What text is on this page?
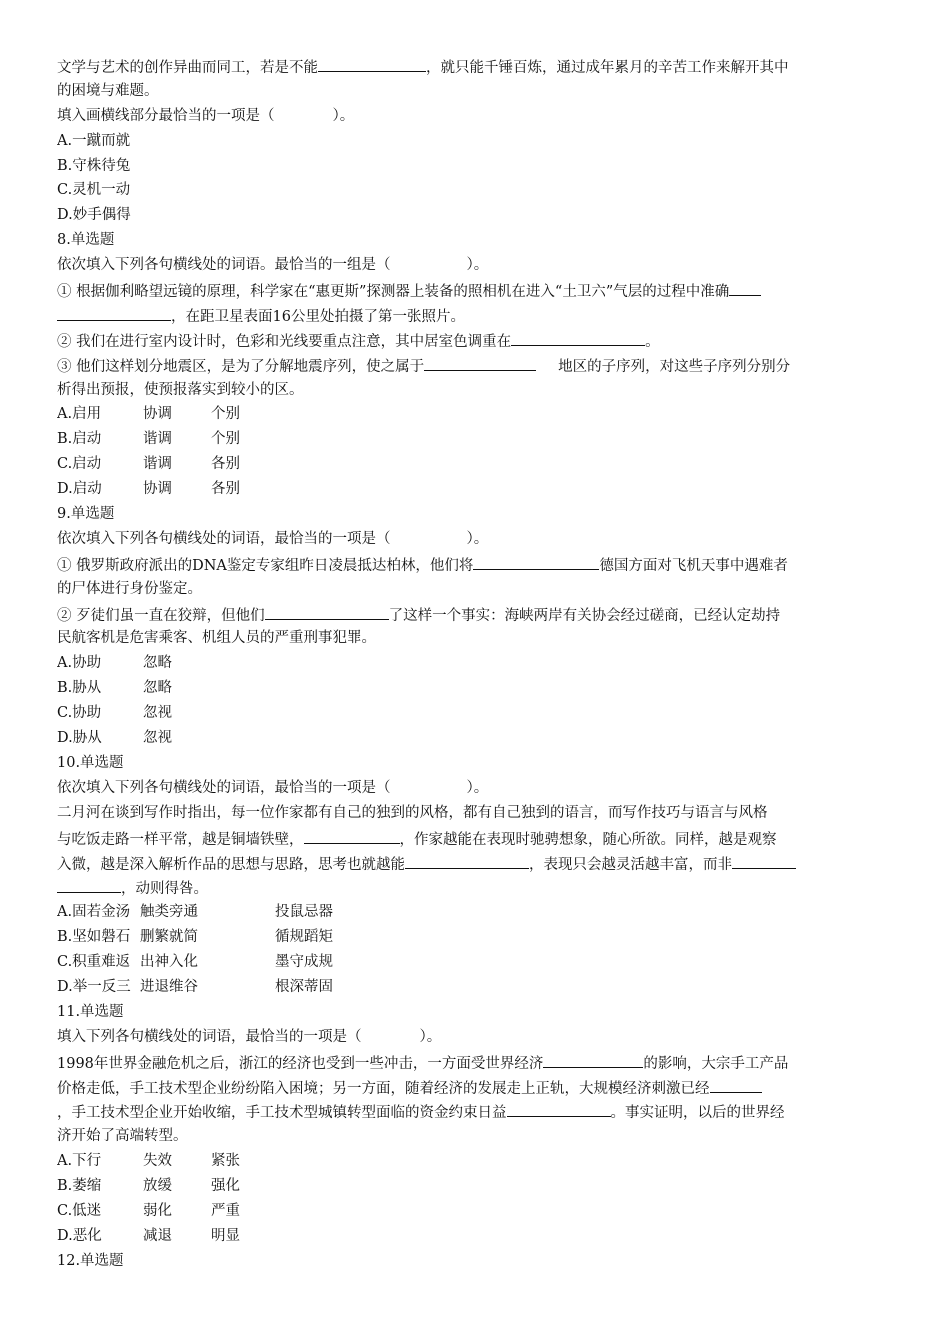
文学与艺术的创作异曲而同工，若是不能	，就只能千锤百炼，通过成年累月的辛苦工作来解开其中
的困境与难题。
填入画横线部分最恰当的一项是（	）。
A.一蹴而就
B.守株待兔
C.灵机一动
D.妙手偶得
8.单选题
依次填入下列各句横线处的词语。最恰当的一组是（	）。
① 根据伽利略望远镜的原理，科学家在“惠更斯”探测器上装备的照相机在进入“土卫六”气层的过程中准确
，在距卫星表面16公里处拍摄了第一张照片。
② 我们在进行室内设计时，色彩和光线要重点注意，其中居室色调重在	。
③ 他们这样划分地震区，是为了分解地震序列，使之属于	地区的子序列，对这些子序列分别分
析得出预报，使预报落实到较小的区。
A.启用	协调	个别
B.启动	谐调	个别
C.启动	谐调	各别
D.启动	协调	各别
9.单选题
依次填入下列各句横线处的词语，最恰当的一项是（	）。
① 俄罗斯政府派出的DNA鉴定专家组昨日凌晨抵达柏林，他们将	德国方面对飞机天事中遇难者
的尸体进行身份鉴定。
② 歹徒们虽一直在狡辩，但他们	了这样一个事实：海峡两岸有关协会经过磋商，已经认定劫持
民航客机是危害乘客、机组人员的严重刑事犯罪。
A.协助	忽略
B.胁从	忽略
C.协助	忽视
D.胁从	忽视
10.单选题
依次填入下列各句横线处的词语，最恰当的一项是（	）。
二月河在谈到写作时指出，每一位作家都有自己的独到的风格，都有自己独到的语言，而写作技巧与语言与风格
与吃饭走路一样平常，越是铜墙铁壁，	，作家越能在表现时驰骋想象，随心所欲。同样，越是观察
入微，越是深入解析作品的思想与思路，思考也就越能	，表现只会越灵活越丰富，而非
，动则得咎。
A.固若金汤 触类旁通	投鼠忌器
B.坚如磐石 删繁就简	循规蹈矩
C.积重难返 出神入化	墨守成规
D.举一反三 进退维谷	根深蒂固
11.单选题
填入下列各句横线处的词语，最恰当的一项是（	）。
1998年世界金融危机之后，浙江的经济也受到一些冲击，一方面受世界经济	的影响，大宗手工产品
价格走低，手工技术型企业纷纷陷入困境；另一方面，随着经济的发展走上正轨，大规模经济刺激已经
，手工技术型企业开始收缩，手工技术型城镇转型面临的资金约束日益	。事实证明，以后的世界经
济开始了高端转型。
A.下行	失效	紧张
B.萎缩	放缓	强化
C.低迷	弱化	严重
D.恶化	减退	明显
12.单选题
